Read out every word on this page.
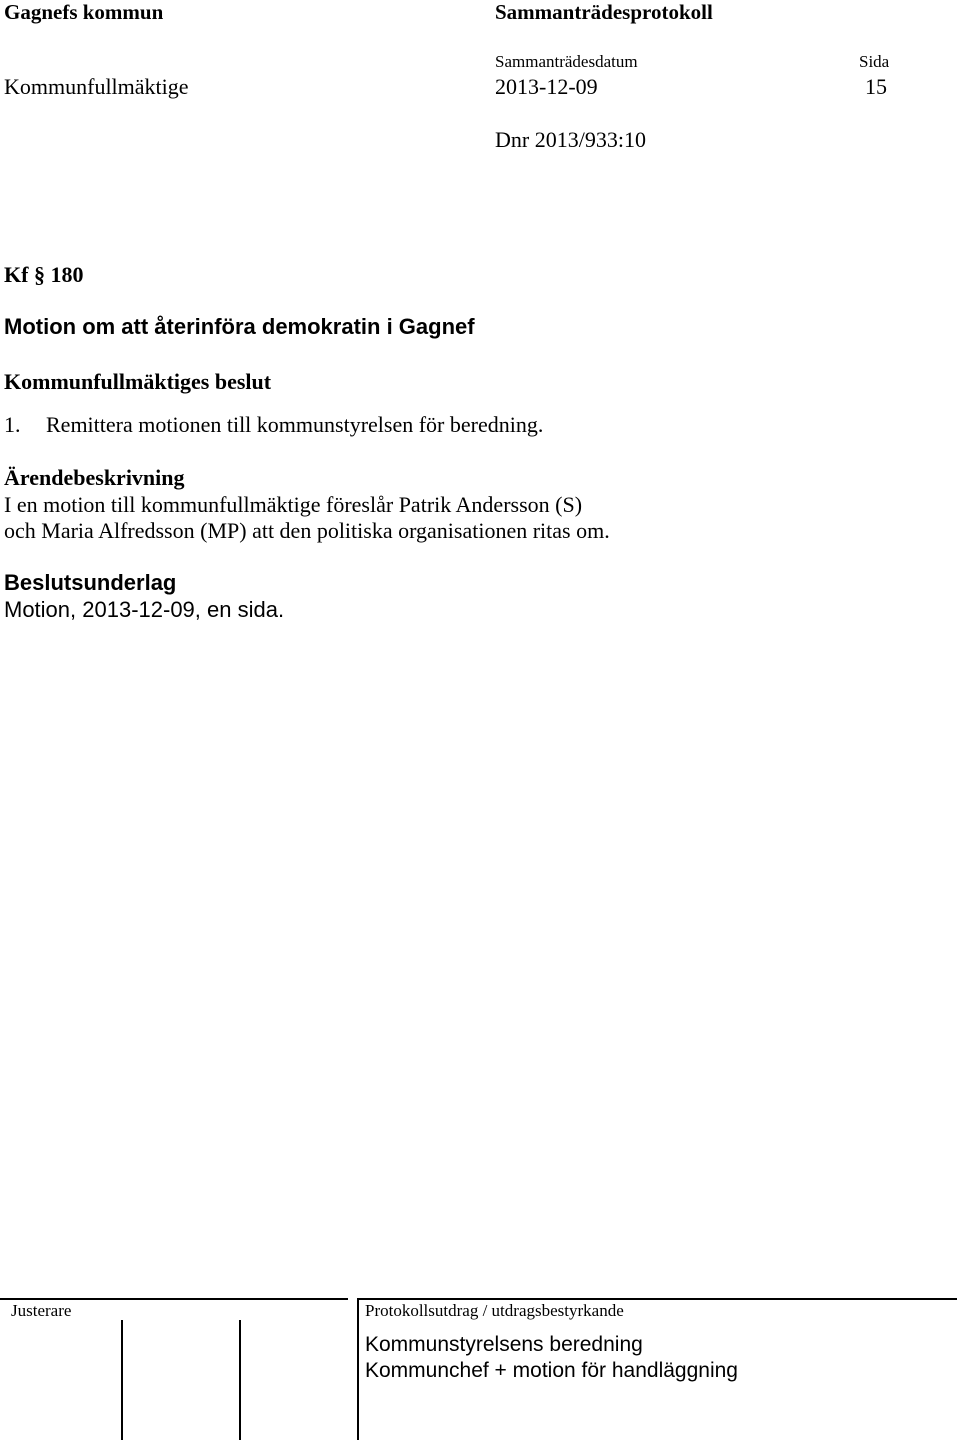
Gagnefs kommun	Sammanträdesprotokoll
Sammanträdesdatum	Sida
Kommunfullmäktige	2013-12-09	15
Dnr 2013/933:10
Kf § 180
Motion om att återinföra demokratin i Gagnef
Kommunfullmäktiges beslut
1. Remittera motionen till kommunstyrelsen för beredning.
Ärendebeskrivning
I en motion till kommunfullmäktige föreslår Patrik Andersson (S)
och Maria Alfredsson (MP) att den politiska organisationen ritas om.
Beslutsunderlag
Motion, 2013-12-09, en sida.
Justerare	Protokollsutdrag / utdragsbestyrkande
Kommunstyrelsens beredning
Kommunchef + motion för handläggning
